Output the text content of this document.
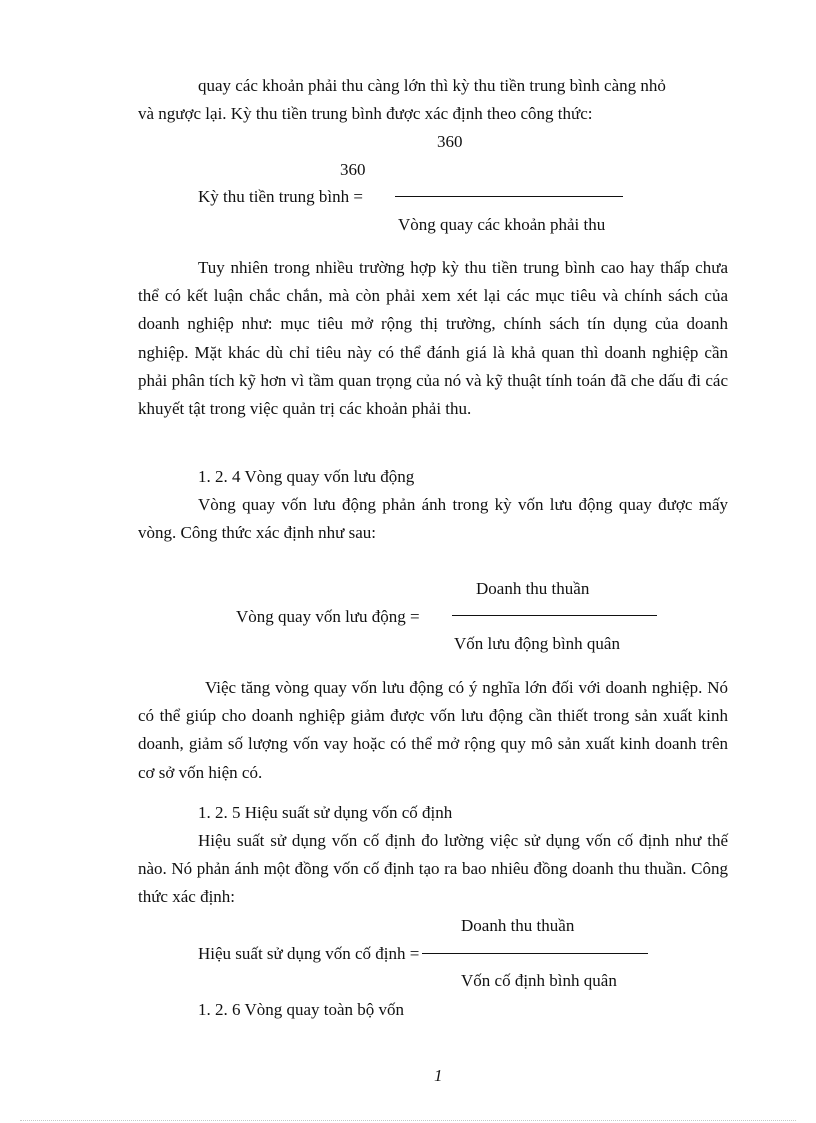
quay các khoản phải thu càng lớn thì kỳ thu tiền trung bình càng nhỏ

và ngược lại. Kỳ thu tiền trung bình được xác định theo công thức:

360
360
Kỳ thu tiền trung bình =
Vòng quay các khoản phải thu

Tuy nhiên trong nhiều trường hợp kỳ thu tiền trung bình cao hay thấp chưa thể có kết luận chắc chắn, mà còn phải xem xét lại các mục tiêu và chính sách của doanh nghiệp như: mục tiêu mở rộng thị trường, chính sách tín dụng của doanh nghiệp. Mặt khác dù chỉ tiêu này có thể đánh giá là khả quan thì doanh nghiệp cần phải phân tích kỹ hơn vì tầm quan trọng của nó và kỹ thuật tính toán đã che dấu đi các khuyết tật trong việc quản trị các khoản phải thu.

1. 2. 4 Vòng quay vốn lưu động

Vòng quay vốn lưu động phản ánh trong kỳ vốn lưu động quay được mấy vòng. Công thức xác định như sau:

Doanh thu thuần
Vòng quay vốn lưu động =
Vốn lưu động bình quân

Việc tăng vòng quay vốn lưu động có ý nghĩa lớn đối với doanh nghiệp. Nó có thể giúp cho doanh nghiệp giảm được vốn lưu động cần thiết trong sản xuất kinh doanh, giảm số lượng vốn vay hoặc có thể mở rộng quy mô sản xuất kinh doanh trên cơ sở vốn hiện có.

1. 2. 5 Hiệu suất sử dụng vốn cố định

Hiệu suất sử dụng vốn cố định đo lường việc sử dụng vốn cố định như thế nào. Nó phản ánh một đồng vốn cố định tạo ra bao nhiêu đồng doanh thu thuần. Công thức xác định:

Doanh thu thuần
Hiệu suất sử dụng vốn cố định =
Vốn cố định bình quân
1. 2. 6 Vòng quay toàn bộ vốn
1
